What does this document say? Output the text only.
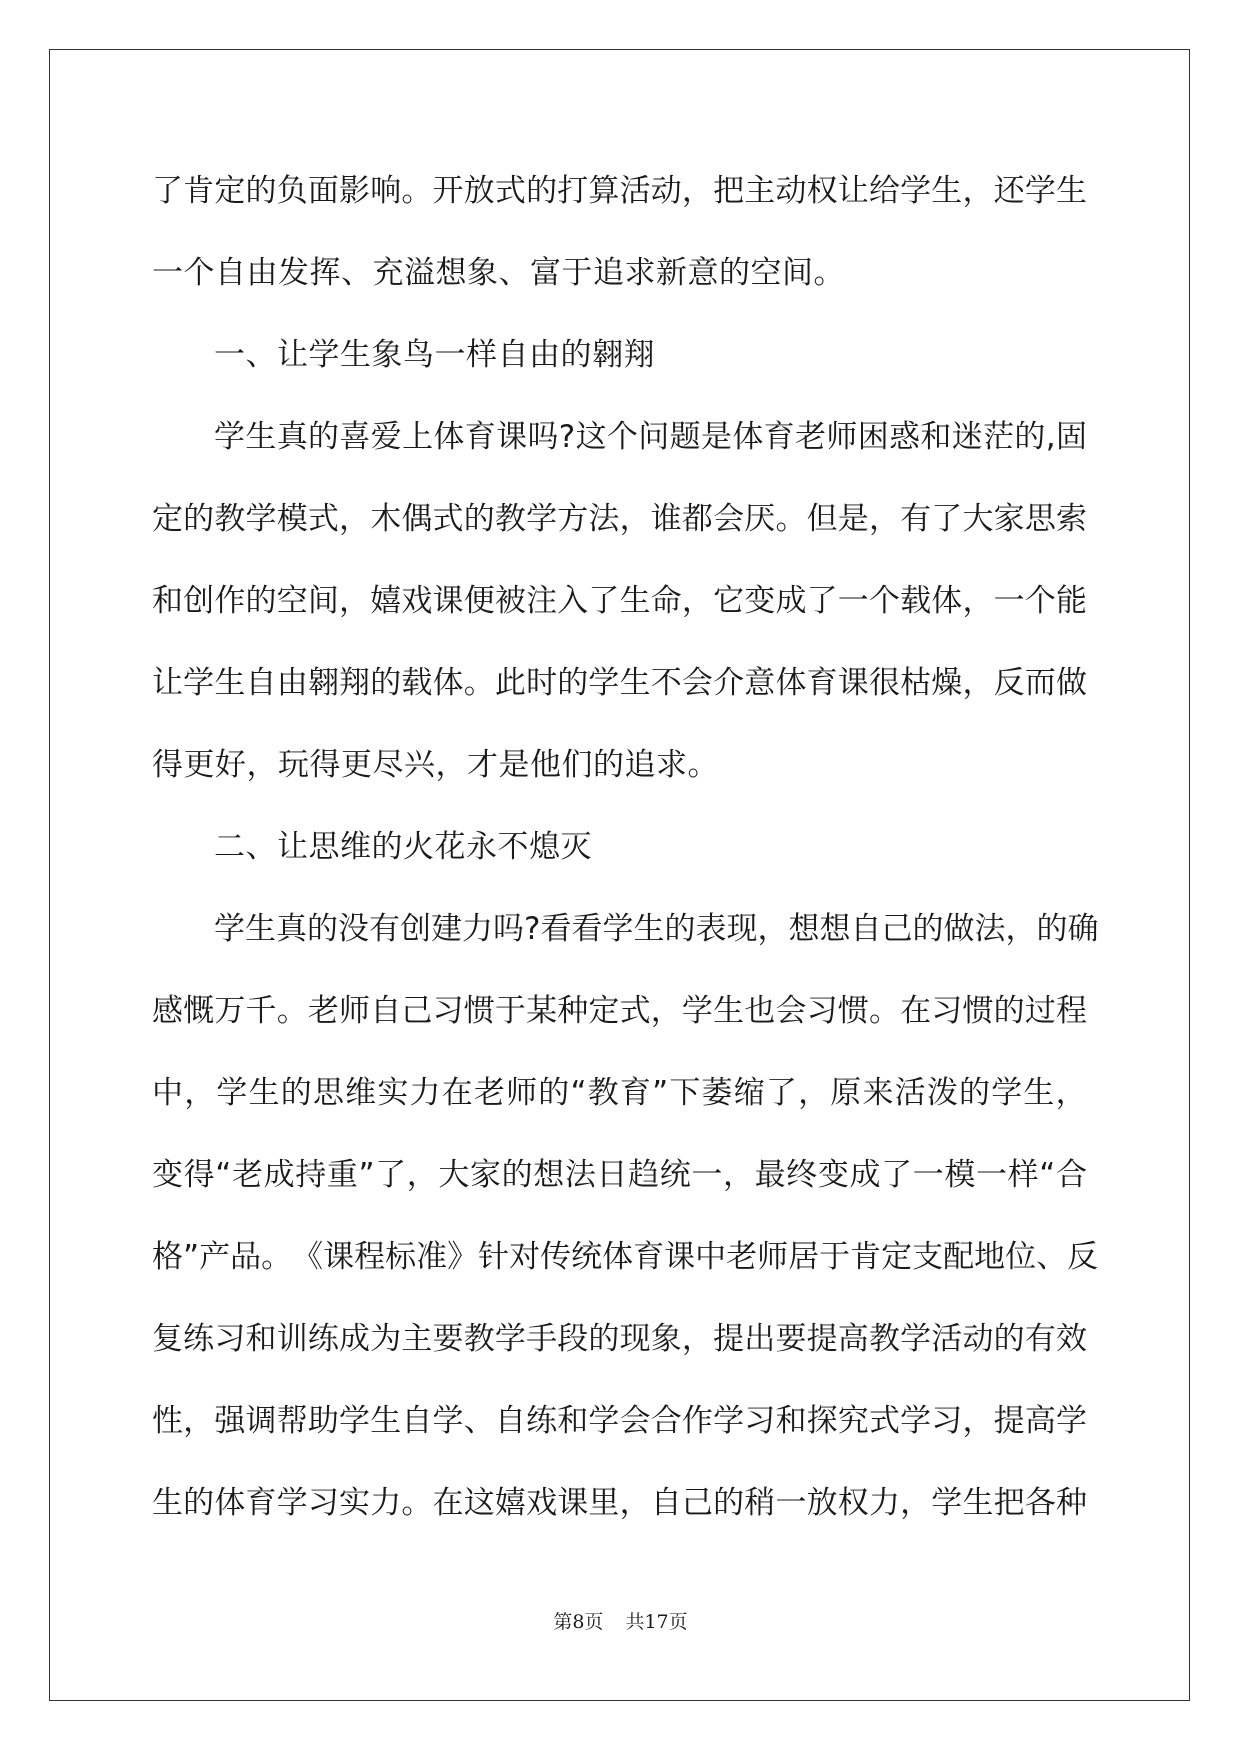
了 肯 定 的 负 面 影 响 。 开 放 式 的 打 算 活 动 ， 把 主 动 权 让 给 学 生 ， 还 学 生
一个自由发挥、充溢想象、富于追求新意的空间。
一、让学生象鸟一样自由的翱翔
学 生 真 的 喜 爱 上 体 育 课 吗 ? 这 个 问 题 是 体 育 老 师 困 惑 和 迷 茫 的 , 固
定 的 教 学 模 式 ， 木 偶 式 的 教 学 方 法 ， 谁 都 会 厌 。 但 是 ， 有 了 大 家 思 索
和 创 作 的 空 间 ， 嬉 戏 课 便 被 注 入 了 生 命 ， 它 变 成 了 一 个 载 体 ， 一 个 能
让 学 生 自 由 翱 翔 的 载 体 。 此 时 的 学 生 不 会 介 意 体 育 课 很 枯 燥 ， 反 而 做
得更好，玩得更尽兴，才是他们的追求。
二、让思维的火花永不熄灭
学 生 真 的 没 有 创 建 力 吗 ? 看 看 学 生 的 表 现 ， 想 想 自 己 的 做 法 ， 的 确
感 慨 万 千 。 老 师 自 己 习 惯 于 某 种 定 式 ， 学 生 也 会 习 惯 。 在 习 惯 的 过 程
中 ， 学 生 的 思 维 实 力 在 老 师 的 “ 教 育 ” 下 萎 缩 了 ， 原 来 活 泼 的 学 生 ，
变 得 “ 老 成 持 重 ” 了 ， 大 家 的 想 法 日 趋 统 一 ， 最 终 变 成 了 一 模 一 样 “ 合
格 ” 产 品 。 《 课 程 标 准 》 针 对 传 统 体 育 课 中 老 师 居 于 肯 定 支 配 地 位 、 反
复 练 习 和 训 练 成 为 主 要 教 学 手 段 的 现 象 ， 提 出 要 提 高 教 学 活 动 的 有 效
性 ， 强 调 帮 助 学 生 自 学 、 自 练 和 学 会 合 作 学 习 和 探 究 式 学 习 ， 提 高 学
生 的 体 育 学 习 实 力 。 在 这 嬉 戏 课 里 ， 自 己 的 稍 一 放 权 力 ， 学 生 把 各 种
第8页 共17页
